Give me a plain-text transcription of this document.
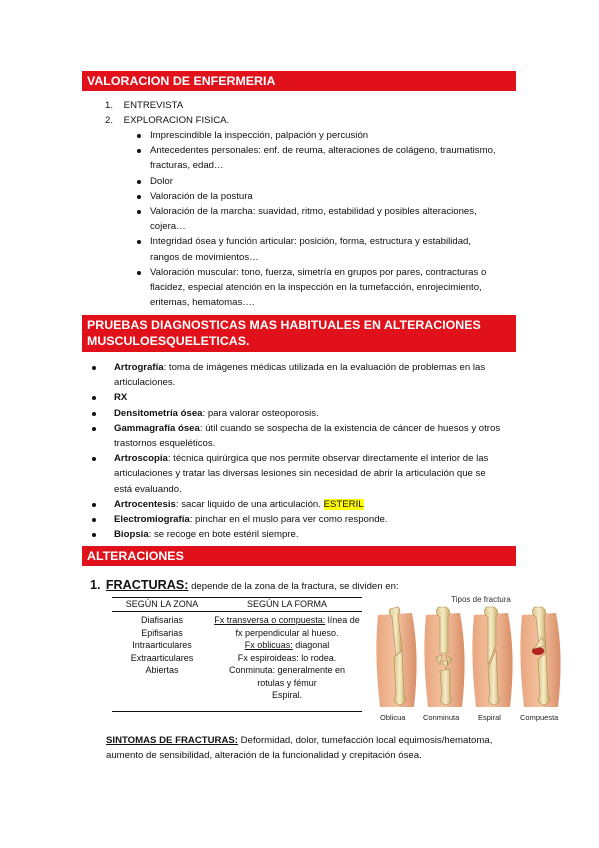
VALORACION DE ENFERMERIA
1.    ENTREVISTA
2.    EXPLORACION FISICA.
Imprescindible la inspección, palpación y percusión
Antecedentes personales: enf. de reuma, alteraciones de colágeno, traumatismo,
fracturas, edad…
Dolor
Valoración de la postura
Valoración de la marcha: suavidad, ritmo, estabilidad y posibles alteraciones,
cojera…
Integridad ósea y función articular: posición, forma, estructura y estabilidad,
rangos de movimientos…
Valoración muscular: tono, fuerza, simetría en grupos por pares, contracturas o
flacidez, especial atención en la inspección en la tumefacción, enrojecimiento,
eritemas, hematomas….
PRUEBAS DIAGNOSTICAS MAS HABITUALES EN ALTERACIONES
MUSCULOESQUELETICAS.
Artrografía: toma de imágenes médicas utilizada en la evaluación de problemas en las
articulaciones.
RX
Densitometría ósea: para valorar osteoporosis.
Gammagrafía ósea: útil cuando se sospecha de la existencia de cáncer de huesos y otros
trastornos esqueléticos.
Artroscopia: técnica quirúrgica que nos permite observar directamente el interior de las
articulaciones y tratar las diversas lesiones sin necesidad de abrir la articulación que se
está evaluando.
Artrocentesis: sacar liquido de una articulación. ESTERIL
Electromiografía: pinchar en el muslo para ver como responde.
Biopsia: se recoge en bote estéril siempre.
ALTERACIONES
1. FRACTURAS: depende de la zona de la fractura, se dividen en:
SEGÚN LA ZONA	SEGÚN LA FORMA
Diafisarias
Epifisarias
Intraarticulares
Extraarticulares
Abiertas
Fx transversa o compuesta: línea de
fx perpendicular al hueso.
Fx oblicuas: diagonal
Fx espiroideas: lo rodea.
Conminuta: generalmente en
rotulas y fémur
Espiral.
Tipos de fractura
Oblicua Conminuta Espiral	Compuesta
SINTOMAS DE FRACTURAS: Deformidad, dolor, tumefacción local equimosis/hematoma,
aumento de sensibilidad, alteración de la funcionalidad y crepitación ósea.
